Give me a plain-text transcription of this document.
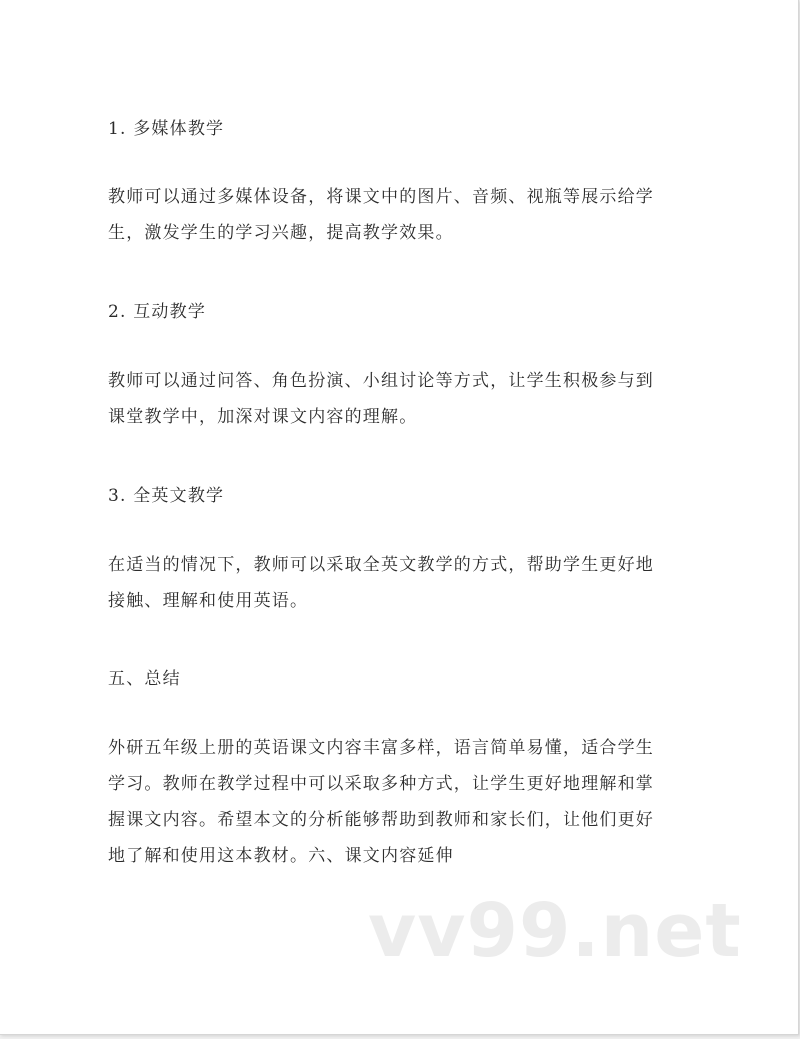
1. 多媒体教学

教师可以通过多媒体设备，将课文中的图片、音频、视瓶等展示给学
生，激发学生的学习兴趣，提高教学效果。

2. 互动教学

教师可以通过问答、角色扮演、小组讨论等方式，让学生积极参与到
课堂教学中，加深对课文内容的理解。

3. 全英文教学

在适当的情况下，教师可以采取全英文教学的方式，帮助学生更好地
接触、理解和使用英语。

五、总结

外研五年级上册的英语课文内容丰富多样，语言简单易懂，适合学生
学习。教师在教学过程中可以采取多种方式，让学生更好地理解和掌
握课文内容。希望本文的分析能够帮助到教师和家长们，让他们更好
地了解和使用这本教材。六、课文内容延伸
vv99.net
